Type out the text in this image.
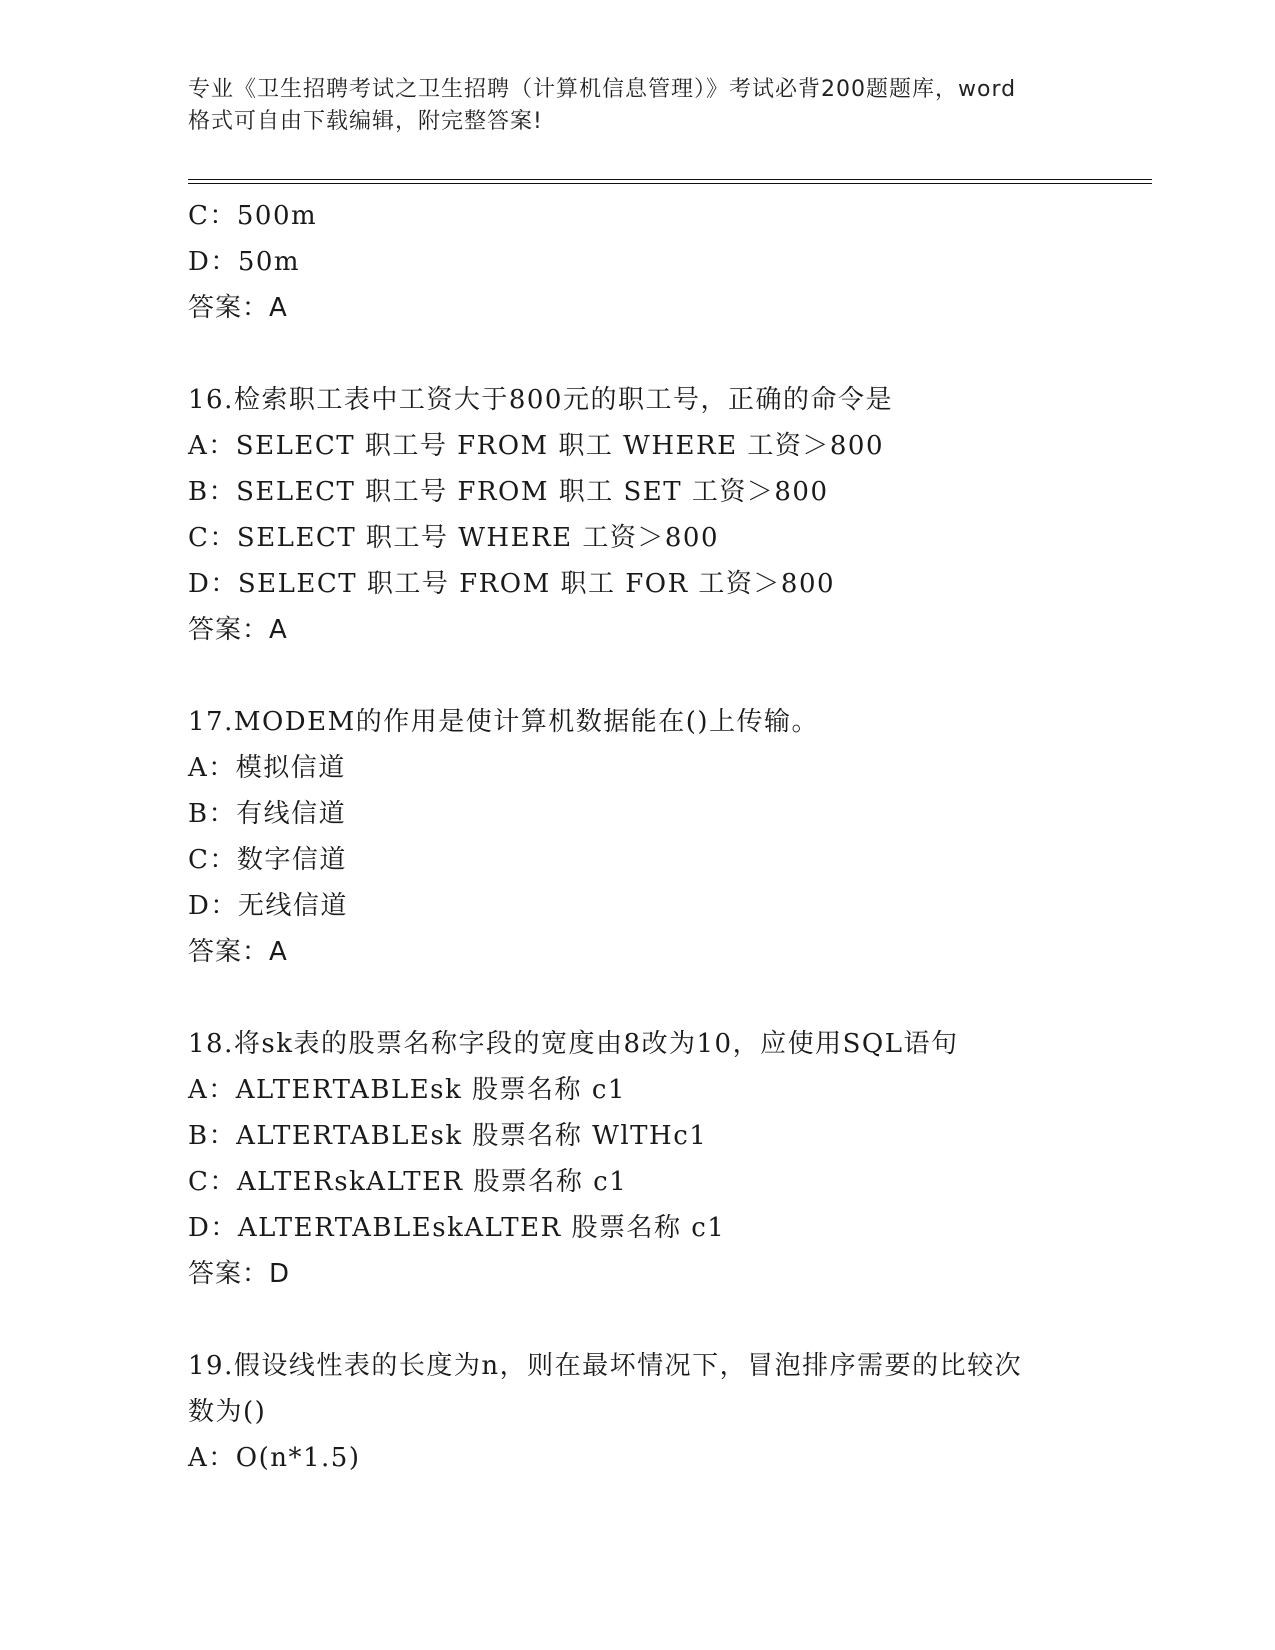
专业《卫生招聘考试之卫生招聘（计算机信息管理）》考试必背200题题库，word
格式可自由下载编辑，附完整答案!
C：500m
D：50m
答案：A
16.检索职工表中工资大于800元的职工号，正确的命令是
A：SELECT 职工号 FROM 职工 WHERE 工资＞800
B：SELECT 职工号 FROM 职工 SET 工资＞800
C：SELECT 职工号 WHERE 工资＞800
D：SELECT 职工号 FROM 职工 FOR 工资＞800
答案：A
17.MODEM的作用是使计算机数据能在()上传输。
A：模拟信道
B：有线信道
C：数字信道
D：无线信道
答案：A
18.将sk表的股票名称字段的宽度由8改为10，应使用SQL语句
A：ALTERTABLEsk 股票名称 c1
B：ALTERTABLEsk 股票名称 WlTHc1
C：ALTERskALTER 股票名称 c1
D：ALTERTABLEskALTER 股票名称 c1
答案：D
19.假设线性表的长度为n，则在最坏情况下，冒泡排序需要的比较次
数为()
A：O(n*1.5)
